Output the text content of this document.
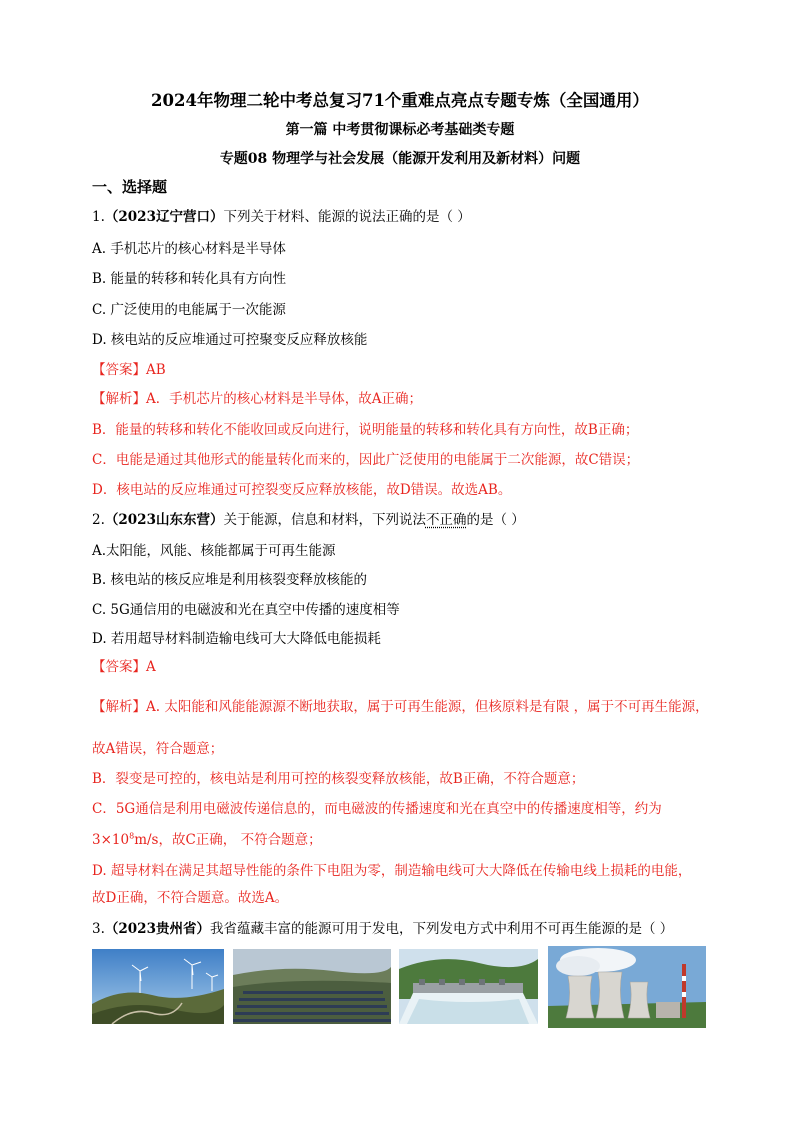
2024年物理二轮中考总复习71个重难点亮点专题专炼（全国通用）
第一篇 中考贯彻课标必考基础类专题
专题08 物理学与社会发展（能源开发利用及新材料）问题
一、选择题
1.（2023辽宁营口）下列关于材料、能源的说法正确的是（ ）
A. 手机芯片的核心材料是半导体
B. 能量的转移和转化具有方向性
C. 广泛使用的电能属于一次能源
D. 核电站的反应堆通过可控聚变反应释放核能
【答案】AB
【解析】A．手机芯片的核心材料是半导体，故A正确；
B．能量的转移和转化不能收回或反向进行，说明能量的转移和转化具有方向性，故B正确；
C．电能是通过其他形式的能量转化而来的，因此广泛使用的电能属于二次能源，故C错误；
D．核电站的反应堆通过可控裂变反应释放核能，故D错误。故选AB。
2.（2023山东东营）关于能源，信息和材料，下列说法不正确的是（ ）
A.太阳能，风能、核能都属于可再生能源
B. 核电站的核反应堆是利用核裂变释放核能的
C. 5G通信用的电磁波和光在真空中传播的速度相等
D. 若用超导材料制造输电线可大大降低电能损耗
【答案】A
【解析】A. 太阳能和风能能源源不断地获取，属于可再生能源，但核原料是有限 ，属于不可再生能源，
故A错误，符合题意；
B．裂变是可控的，核电站是利用可控的核裂变释放核能，故B正确，不符合题意；
C．5G通信是利用电磁波传递信息的，而电磁波的传播速度和光在真空中的传播速度相等，约为
$3\times 10^8m/s$，故C正确， 不符合题意；
D. 超导材料在满足其超导性能的条件下电阻为零，制造输电线可大大降低在传输电线上损耗的电能，
故D正确，不符合题意。故选A。
3.（2023贵州省）我省蕴藏丰富的能源可用于发电，下列发电方式中利用不可再生能源的是（ ）
